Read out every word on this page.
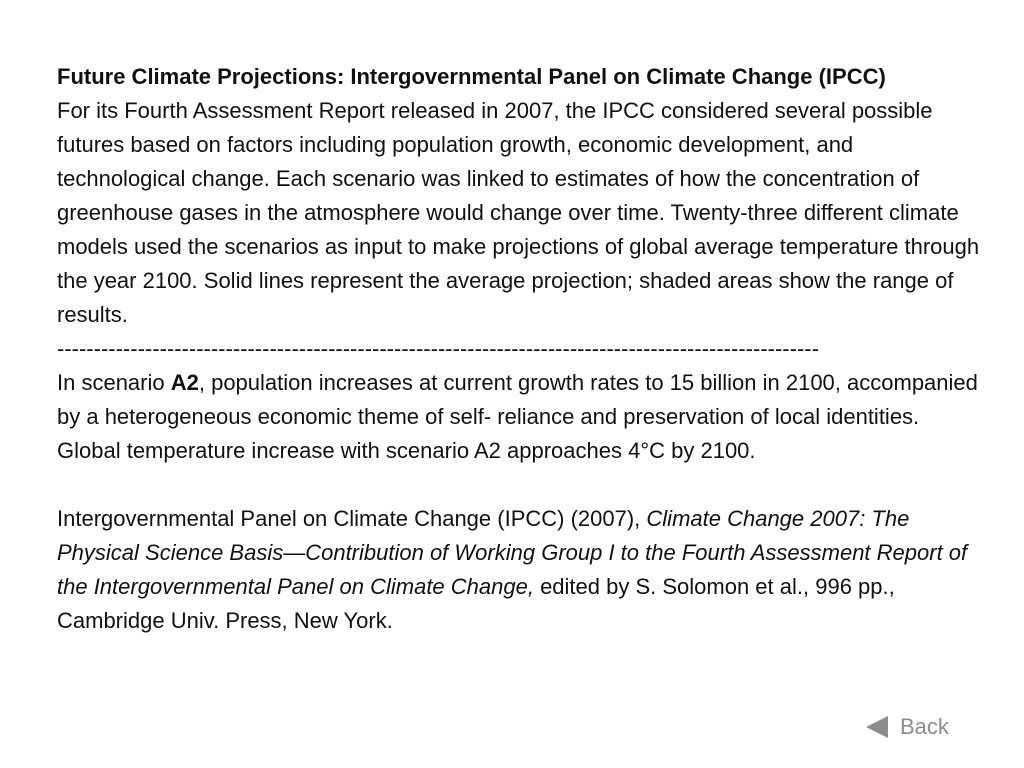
Future Climate Projections: Intergovernmental Panel on Climate Change (IPCC)

For its Fourth Assessment Report released in 2007, the IPCC considered several possible futures based on factors including population growth, economic development, and technological change. Each scenario was linked to estimates of how the concentration of greenhouse gases in the atmosphere would change over time. Twenty-three different climate models used the scenarios as input to make projections of global average temperature through the year 2100. Solid lines represent the average projection; shaded areas show the range of results.

--------------------------------------------------------------------------------------------------------

In scenario A2, population increases at current growth rates to 15 billion in 2100, accompanied by a heterogeneous economic theme of self- reliance and preservation of local identities. Global temperature increase with scenario A2 approaches 4°C by 2100.

Intergovernmental Panel on Climate Change (IPCC) (2007), Climate Change 2007: The Physical Science Basis—Contribution of Working Group I to the Fourth Assessment Report of the Intergovernmental Panel on Climate Change, edited by S. Solomon et al., 996 pp., Cambridge Univ. Press, New York.

Back
